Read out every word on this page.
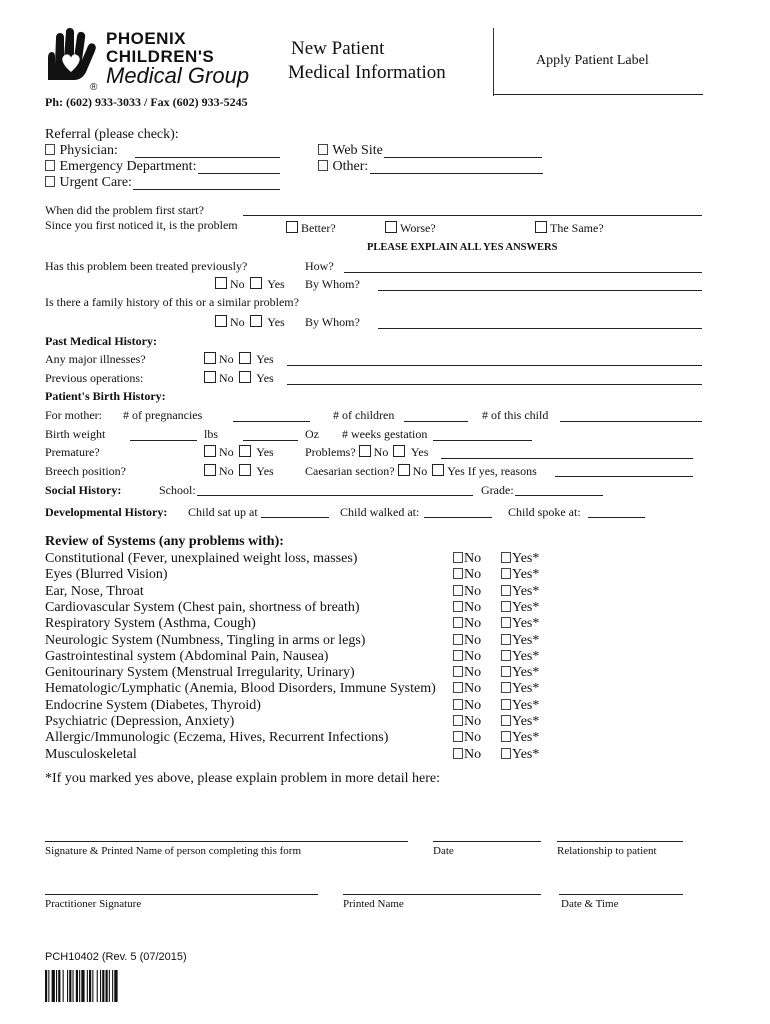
PHOENIX
CHILDREN'S
Medical Group
®
New Patient
Medical Information
Apply Patient Label
Ph: (602) 933-3033 / Fax (602) 933-5245
Referral (please check):
Physician:
Emergency Department:
Urgent Care:
Web Site
Other:
When did the problem first start?
Since you first noticed it, is the problem	Better?	Worse?	The Same?
PLEASE EXPLAIN ALL YES ANSWERS
Has this problem been treated previously?	How?
No Yes By Whom?
Is there a family history of this or a similar problem?
No Yes By Whom?
Past Medical History:
Any major illnesses?	No Yes
Previous operations:	No Yes
Patient's Birth History:
For mother: # of pregnancies	# of children	# of this child
Birth weight	lbs	Oz # weeks gestation
Premature?	No Yes	Problems? No Yes
Breech position?	No Yes	Caesarian section? No Yes If yes, reasons
Social History:	School:	Grade:
Developmental History: Child sat up at	Child walked at:	Child spoke at:
Review of Systems (any problems with):
Constitutional (Fever, unexplained weight loss, masses)	No	Yes*
Eyes (Blurred Vision)	No	Yes*
Ear, Nose, Throat	No	Yes*
Cardiovascular System (Chest pain, shortness of breath)	No	Yes*
Respiratory System (Asthma, Cough)	No	Yes*
Neurologic System (Numbness, Tingling in arms or legs)	No	Yes*
Gastrointestinal system (Abdominal Pain, Nausea)	No	Yes*
Genitourinary System (Menstrual Irregularity, Urinary)	No	Yes*
Hematologic/Lymphatic (Anemia, Blood Disorders, Immune System)	No	Yes*
Endocrine System (Diabetes, Thyroid)	No	Yes*
Psychiatric (Depression, Anxiety)	No	Yes*
Allergic/Immunologic (Eczema, Hives, Recurrent Infections)	No	Yes*
Musculoskeletal	No	Yes*
*If you marked yes above, please explain problem in more detail here:
Signature & Printed Name of person completing this form	Date	Relationship to patient
Practitioner Signature	Printed Name	Date & Time
PCH10402 (Rev. 5 (07/2015)
